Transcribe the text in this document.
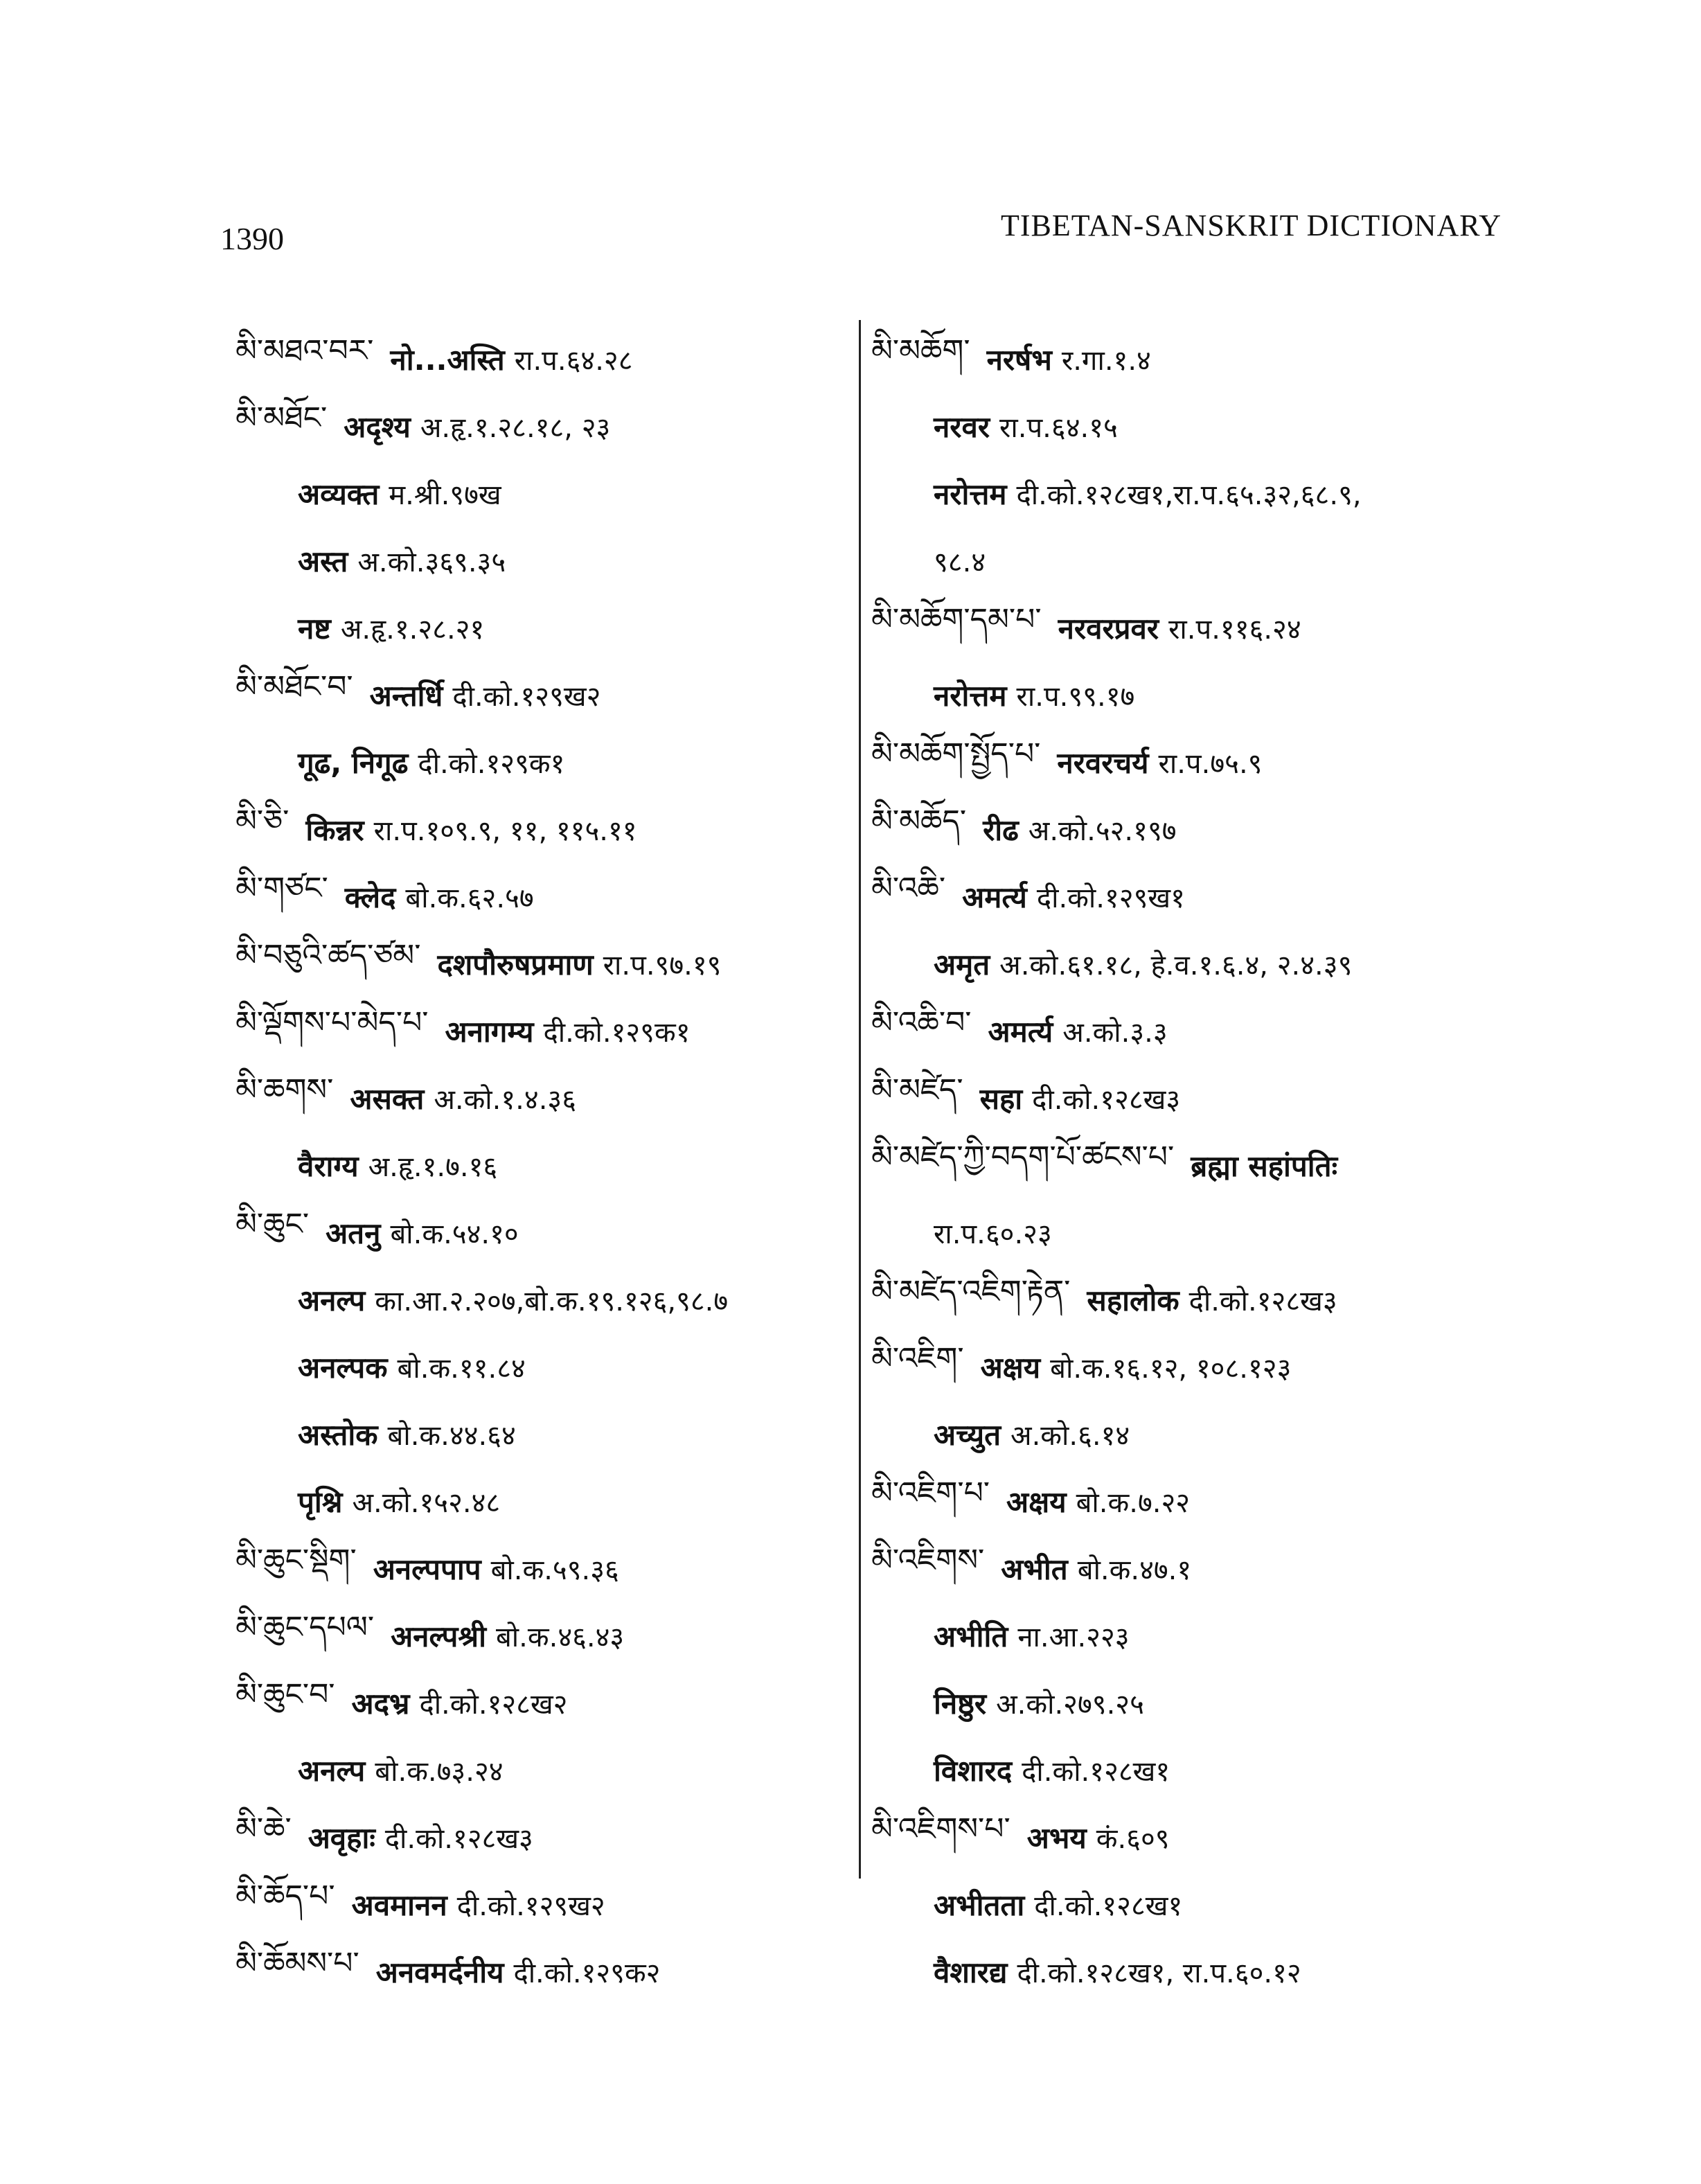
1390	TIBETAN-SANSKRIT DICTIONARY
མི་མཐའ་བར་ नो...अस्ति रा.प.६४.२८
མི་མཐོང་ अदृश्य अ.हृ.१.२८.१८, २३
अव्यक्त म.श्री.९७ख
अस्त अ.को.३६९.३५
नष्ट अ.हृ.१.२८.२१
མི་མཐོང་བ་ अन्तर्धि दी.को.१२९ख२
गूढ, निगूढ दी.को.१२९क१
མི་ཅི་ किन्नर रा.प.१०९.९, ११, ११५.११
མི་གཙང་ क्लेद बो.क.६२.५७
མི་བཅུའི་ཚད་ཙམ་ दशपौरुषप्रमाण रा.प.९७.१९
མི་ལྡོགས་པ་མེད་པ་ अनागम्य दी.को.१२९क१
མི་ཆགས་ असक्त अ.को.१.४.३६
वैराग्य अ.हृ.१.७.१६
མི་ཆུང་ अतनु बो.क.५४.१०
अनल्प का.आ.२.२०७,बो.क.१९.१२६,९८.७
अनल्पक बो.क.११.८४
अस्तोक बो.क.४४.६४
पृश्नि अ.को.१५२.४८
མི་ཆུང་སྡིག་ अनल्पपाप बो.क.५९.३६
མི་ཆུང་དཔལ་ अनल्पश्री बो.क.४६.४३
མི་ཆུང་བ་ अदभ्र दी.को.१२८ख२
अनल्प बो.क.७३.२४
མི་ཆེ་ अवृहाः दी.को.१२८ख३
མི་ཆོད་པ་ अवमानन दी.को.१२९ख२
མི་ཆོམས་པ་ अनवमर्दनीय दी.को.१२९क२
མི་མཆོག་ नरर्षभ र.गा.१.४
नरवर रा.प.६४.१५
नरोत्तम दी.को.१२८ख१,रा.प.६५.३२,६८.९,
९८.४
མི་མཆོག་དམ་པ་ नरवरप्रवर रा.प.११६.२४
नरोत्तम रा.प.९९.१७
མི་མཆོག་སྤྱོད་པ་ नरवरचर्य रा.प.७५.९
མི་མཆོད་ रीढ अ.को.५२.१९७
མི་འཆི་ अमर्त्य दी.को.१२९ख१
अमृत अ.को.६१.१८, हे.व.१.६.४, २.४.३९
མི་འཆི་བ་ अमर्त्य अ.को.३.३
མི་མཛེད་ सहा दी.को.१२८ख३
མི་མཛེད་ཀྱི་བདག་པོ་ཚངས་པ་ ब्रह्मा सहांपतिः
रा.प.६०.२३
མི་མཛེད་འཇིག་རྟེན་ सहालोक दी.को.१२८ख३
མི་འཇིག་ अक्षय बो.क.१६.१२, १०८.१२३
अच्युत अ.को.६.१४
མི་འཇིག་པ་ अक्षय बो.क.७.२२
མི་འཇིགས་ अभीत बो.क.४७.१
अभीति ना.आ.२२३
निष्ठुर अ.को.२७९.२५
विशारद दी.को.१२८ख१
མི་འཇིགས་པ་ अभय कं.६०९
अभीतता दी.को.१२८ख१
वैशारद्य दी.को.१२८ख१, रा.प.६०.१२
